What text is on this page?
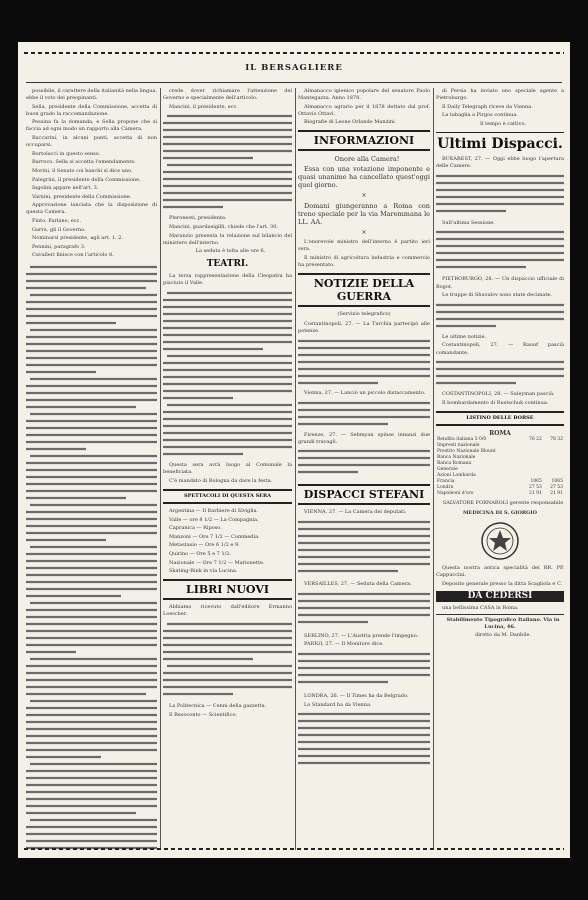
IL BERSAGLIERE

possibile, il carattere della italianità nella lingua, ebbe il voto dei preopinanti.

Sella, presidente della Commissione, accetta di buon grado la raccomandazione.

Pessina fa la domanda, e Sella propone che si faccia ad ogni modo un rapporto alla Camera.

Baccarini, in alcuni punti, accetta di non occuparsi.

Bortolacci in questo senso.

Barroco. Sella si accetta l'emendamento.

Morini, il Senato coi banchi si dice uno.

Palegrini, il presidente della Commissione.

Ingolini appare nell'art. 3.

Varnini, presidente della Commissione.

Approvazione lanciata che la disposizione di questa Camera.

Pinto. Parlano, ecc.

Garra, gli il Governo.

Nominarsi presidente, agli art. 1. 2.

Pennini, paragrafo 3.

Cavalleri finisce con l'articolo 8.

crede dover richiamare l'attenzione del Governo e specialmente dell'articolo.

Mancini, il presidente, ecc.

Pleronesti, presidente.

Mancini, guardasigilli, chiede che l'art. 30.

Maranzio presenta la relazione sul bilancio del ministero dell'interno.

La seduta è tolta alle ore 6.

TEATRI.

La terza rappresentazione della Cleopatra ha piaciuto il Valle.

Questa sera avrà luogo al Comunale la beneficiata.

C'è mandato di Bologna da dare la festa.

SPETTACOLI DI QUESTA SERA

Argentina — Il Barbiere di Siviglia.

Valle — ore 8 1/2 — La Compagnia.

Capranica — Riposo.

Manzoni — Ore 7 1/2 — Commedia.

Metastasio — Ore 6 1/2 e 9.

Quirino — Ore 5 e 7 1/2.

Nazionale — Ore 7 1/2 — Marionette.

Skating-Rink in via Lucina.

LIBRI NUOVI

Abbiamo ricevuto dall'editore Ermanno Loescher.

La Politecnica — Cenni della gazzetta.

Il Resoconto — Scientifico.

Almanacco igienico popolare del senatore Paolo Mantegazza. Anno 1878.

Almanacco agrario per il 1878 dettato dal prof. Ottavio Ottavi.

Biografie di Leone Orlando Manzini.

INFORMAZIONI

Onore alla Camera!

Essa con una votazione imponente e quasi unanime ha cancellato quest'oggi quel giorno.

×

Domani giungeranno a Roma con treno speciale per la via Maremmana le LL. AA.

×

L'onorevole ministro dell'interno è partito ieri sera.

Il ministro di agricoltura industria e commercio ha presentato.

NOTIZIE DELLA GUERRA
(Servizio telegrafico)

Costantinopoli, 27. — La Turchia partecipò alle potenze.

Vienna, 27. — Lanciò un piccolo distaccamento.

Firenze, 27. — Sebmyan spinse innanzi due grandi travagli.

DISPACCI STEFANI

VIENNA, 27. — La Camera dei deputati.

VERSAILLES, 27. — Seduta della Camera.

SERLINO, 27. — L'Austria prende l'impegno.

PARIGI, 27. — Il Monitore dice.

LONDRA, 26. — Il Times ha da Belgrado.

Lo Standard ha da Vienna.

di Persia ha inviato uno speciale agente a Pietroburgo.

Il Daily Telegraph riceve da Vienna.

La tabaglia a Pirgos continua.

Il tempo è cattivo.

Ultimi Dispacci.

BUKAREST, 27. — Oggi ebbe luogo l'apertura delle Camere.

Sull'ultima Sessione.

PIETROBURGO, 28. — Un dispaccio ufficiale di Bogot.

Le truppe di Shuvalov sono state decimate.

Le ultime notizie.

Costantinopoli, 27. — Raouf pascià comandante.

COSTANTINOPOLI, 28. — Suleyman pascià.

Il bombardamento di Rustschuk continua.

LISTINO DELLE BORSE
ROMA
Rendita italiana 5 0/0	76 22	78 32
Impresti nazionale		
Prestito Nazionale Blount		
Banca Nazionale		
Banca Romana		
Generale		
Azioni Lombarda		
Francia	1065	1065
Londra	27 53	27 53
Napoleoni d'oro	21 91	21 91

SALVATORE FORNAROLI gerente responsabile

MEDICINA DI S. GIORGIO

Questa nostra antica specialità dei RR. PP. Cappuccini.

Deposito generale presso la ditta Scagliola e C.

DA CEDERSI

una bellissima CASA in Roma.

Stabilimento Tipografico Italiano. Via in Lucina, 46.

diretto da M. Danbile.
